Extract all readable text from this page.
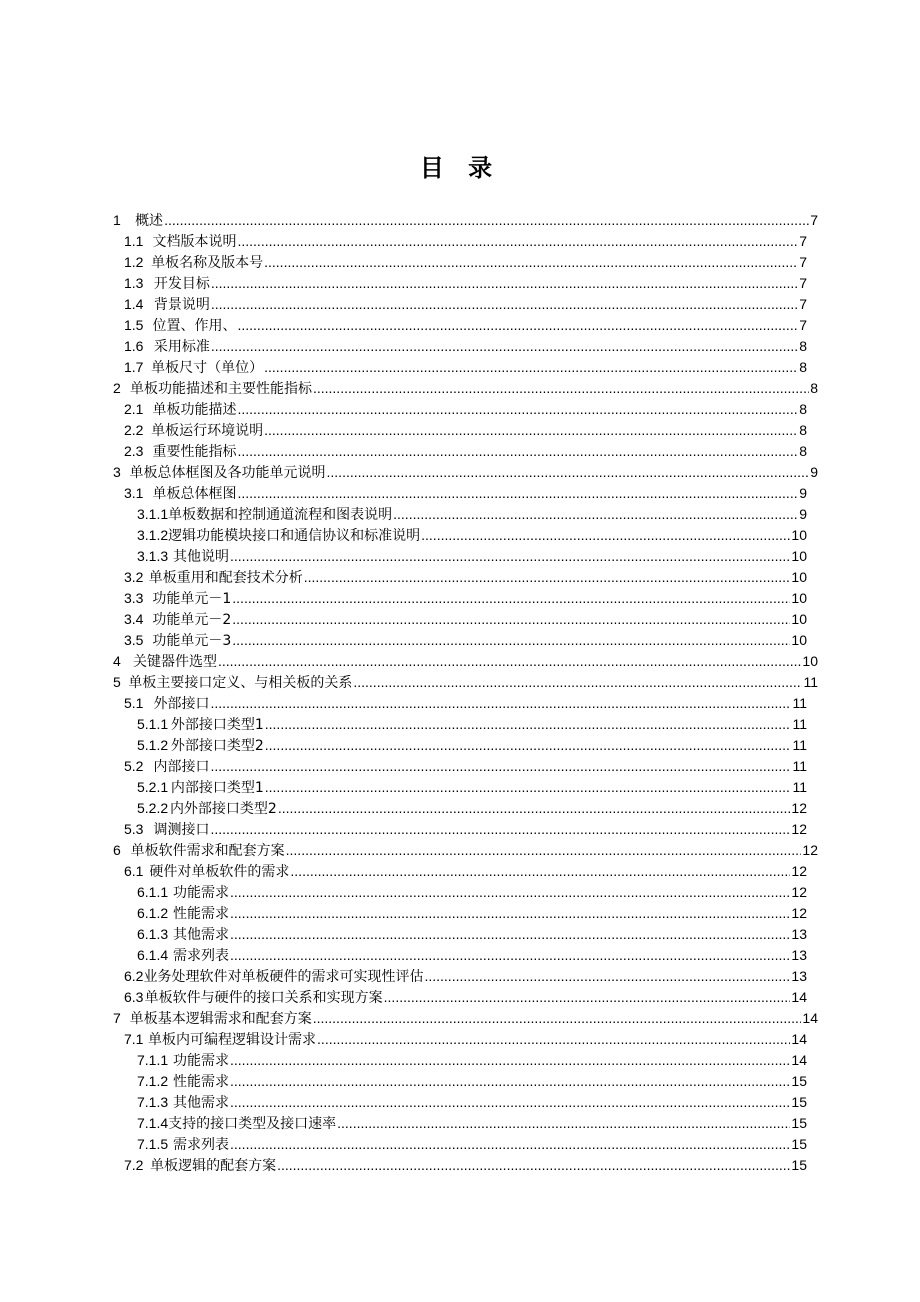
目 录
1	概述 .....	7
1.1 文档版本说明 .....	7
1.2 单板名称及版本号 .....	7
1.3 开发目标 .....	7
1.4 背景说明 .....	7
1.5 位置、作用、 .....	7
1.6 采用标准 .....	8
1.7 单板尺寸（单位） .....	8
2 单板功能描述和主要性能指标 .....	8
2.1 单板功能描述 .....	8
2.2 单板运行环境说明 .....	8
2.3 重要性能指标 .....	8
3 单板总体框图及各功能单元说明 .....	9
3.1 单板总体框图 .....	9
3.1.1 单板数据和控制通道流程和图表说明 .....	9
3.1.2 逻辑功能模块接口和通信协议和标准说明 .....	10
3.1.3 其他说明 .....	10
3.2 单板重用和配套技术分析 .....	10
3.3 功能单元－1 .....	10
3.4 功能单元－2 .....	10
3.5 功能单元－3 .....	10
4 关键器件选型 .....	10
5 单板主要接口定义、与相关板的关系 .....	11
5.1 外部接口 .....	11
5.1.1 外部接口类型1 .....	11
5.1.2 外部接口类型2 .....	11
5.2 内部接口 .....	11
5.2.1 内部接口类型1 .....	11
5.2.2 内外部接口类型2 .....	12
5.3 调测接口 .....	12
6 单板软件需求和配套方案 .....	12
6.1 硬件对单板软件的需求 .....	12
6.1.1 功能需求 .....	12
6.1.2 性能需求 .....	12
6.1.3 其他需求 .....	13
6.1.4 需求列表 .....	13
6.2 业务处理软件对单板硬件的需求可实现性评估 .....	13
6.3 单板软件与硬件的接口关系和实现方案 .....	14
7 单板基本逻辑需求和配套方案 .....	14
7.1 单板内可编程逻辑设计需求 .....	14
7.1.1 功能需求 .....	14
7.1.2 性能需求 .....	15
7.1.3 其他需求 .....	15
7.1.4 支持的接口类型及接口速率 .....	15
7.1.5 需求列表 .....	15
7.2 单板逻辑的配套方案 .....	15
